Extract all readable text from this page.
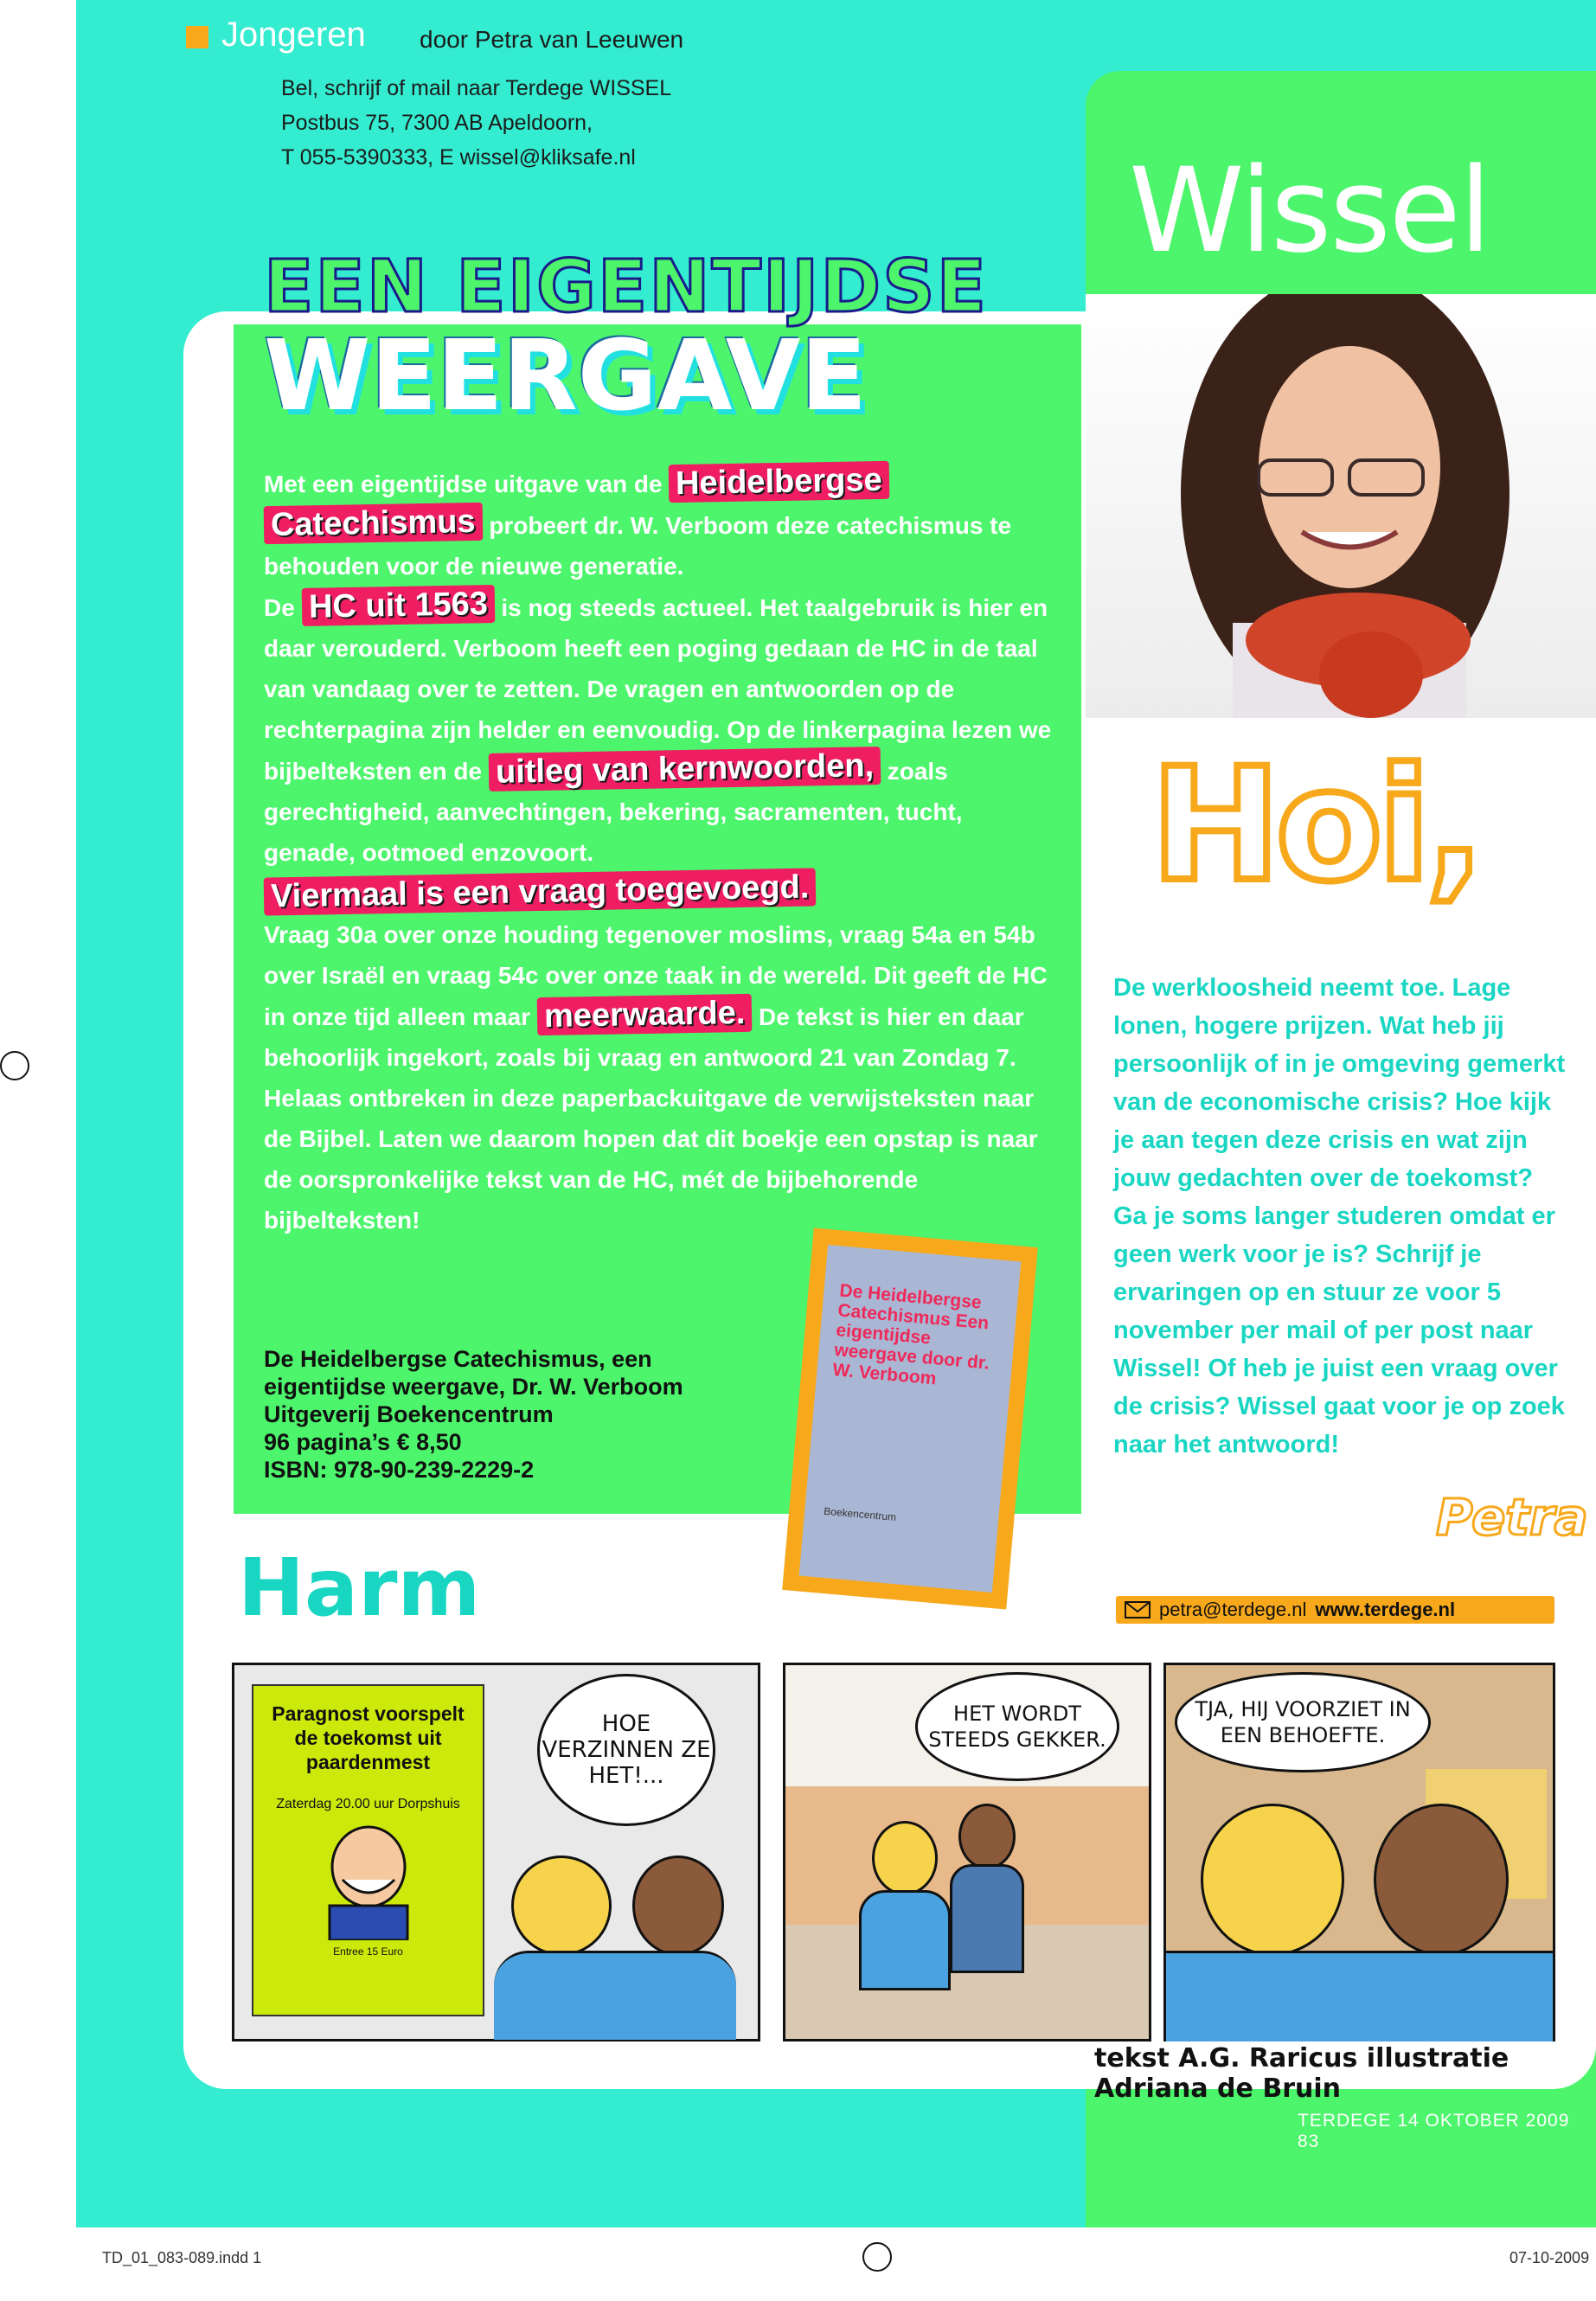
Jongeren door Petra van Leeuwen
Bel, schrijf of mail naar Terdege WISSEL
Postbus 75, 7300 AB Apeldoorn,
T 055-5390333, E wissel@kliksafe.nl	Wissel
EEN EIGENTIJDSE
WEERGAVE
Met een eigentijdse uitgave van de Heidelbergse Catechismus probeert dr. W. Verboom deze catechismus te behouden voor de nieuwe generatie.
De HC uit 1563 is nog steeds actueel. Het taalgebruik is hier en daar verouderd. Verboom heeft een poging gedaan de HC in de taal van vandaag over te zetten. De vragen en antwoorden op de rechterpagina zijn helder en eenvoudig. Op de linkerpagina lezen we bijbelteksten en de uitleg van kernwoorden, zoals gerechtigheid, aanvechtingen, bekering, sacramenten, tucht, genade, ootmoed enzovoort.
Viermaal is een vraag toegevoegd.
Vraag 30a over onze houding tegenover moslims, vraag 54a en 54b over Israël en vraag 54c over onze taak in de wereld. Dit geeft de HC in onze tijd alleen maar meerwaarde. De tekst is hier en daar behoorlijk ingekort, zoals bij vraag en antwoord 21 van Zondag 7. Helaas ontbreken in deze paperbackuitgave de verwijsteksten naar de Bijbel. Laten we daarom hopen dat dit boekje een opstap is naar de oorspronkelijke tekst van de HC, mét de bijbehorende bijbelteksten!
De Heidelbergse Catechismus, een
eigentijdse weergave, Dr. W. Verboom
Uitgeverij Boekencentrum
96 pagina’s € 8,50
ISBN: 978-90-239-2229-2
De Heidelbergse Catechismus Een eigentijdse weergave door dr. W. Verboom
Boekencentrum
Hoi,
De werkloosheid neemt toe. Lage lonen, hogere prijzen. Wat heb jij persoonlijk of in je omgeving gemerkt van de economische crisis? Hoe kijk je aan tegen deze crisis en wat zijn jouw gedachten over de toekomst? Ga je soms langer studeren omdat er geen werk voor je is? Schrijf je ervaringen op en stuur ze voor 5 november per mail of per post naar Wissel! Of heb je juist een vraag over de crisis? Wissel gaat voor je op zoek naar het antwoord!
Petra
petra@terdege.nl www.terdege.nl
Harm
Paragnost voorspelt de toekomst uit paardenmest
Zaterdag 20.00 uur Dorpshuis
Entree 15 Euro
HOE VERZINNEN ZE HET!...
HET WORDT STEEDS GEKKER.
TJA, HIJ VOORZIET IN EEN BEHOEFTE.
tekst A.G. Raricus illustratie Adriana de Bruin
TERDEGE 14 OKTOBER 2009 83
TD_01_083-089.indd 1	07-10-2009
